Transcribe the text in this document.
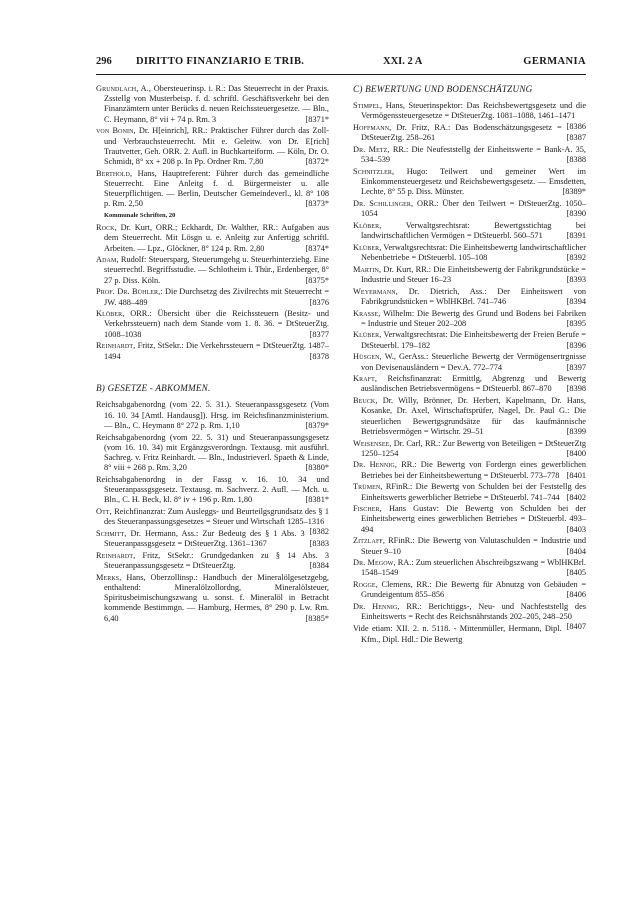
296 DIRITTO FINANZIARIO E TRIB.	XXI. 2 A	GERMANIA

Grundlach, A., Obersteuerinsp. i. R.: Das Steuerrecht in der Praxis. Zsstellg von Musterbeisp. f. d. schriftl. Geschäftsverkehr bei den Finanzämtern unter Berücks d. neuen Reichssteuergesetze. — Bln., C. Heymann, 8° vii + 74 p. Rm. 3	[8371*

von Bonin, Dr. H[einrich], RR.: Praktischer Führer durch das Zoll-und Verbrauchsteuerrecht. Mit e. Geleitw. von Dr. E[rich] Trautvetter, Geh. ORR. 2. Aufl. in Buchkarteiform. — Köln, Dr. O. Schmidt, 8° xx + 208 p. In Pp. Ordner Rm. 7,80	[8372*

Berthold, Hans, Hauptreferent: Führer durch das gemeindliche Steuerrecht. Eine Anleitg f. d. Bürgermeister u. alle Steuerpflichtigen. — Berlin, Deutscher Gemeindeverl., kl. 8° 108 p. Rm. 2,50	[8373*

Kommunale Schriften, 20

Rock, Dr. Kurt, ORR.; Eckhardt, Dr. Walther, RR.: Aufgaben aus dem Steuerrecht. Mit Lösgn u. e. Anleitg zur Anfertigg schriftl. Arbeiten. — Lpz., Glöckner, 8° 124 p. Rm. 2,80	[8374*

Adam, Rudolf: Steuersparg, Steuerumgehg u. Steuerhinterziehg. Eine steuerrechtl. Begriffsstudie. — Schlotheim i. Thür., Erdenberger, 8° 27 p. Diss. Köln.	[8375*

Prof. Dr. Bühler,: Die Durchsetzg des Zivilrechts mit Steuerrecht = JW. 488–489	[8376

Klöber, ORR.: Übersicht über die Reichssteuern (Besitz- und Verkehrssteuern) nach dem Stande vom 1. 8. 36. = DtSteuerZtg. 1008–1038	[8377

Reinhardt, Fritz, StSekr.: Die Verkehrssteuern = DtSteuerZtg. 1487–1494	[8378

B) GESETZE - ABKOMMEN.

Reichsabgabenordng (vom 22. 5. 31.). Steueranpassgsgesetz (Vom 16. 10. 34 [Amtl. Handausg]). Hrsg. im Reichsfinanzministerium. — Bln., C. Heymann 8° 272 p. Rm. 1,10	[8379*

Reichsabgabenordng (vom 22. 5. 31) und Steueranpassungsgesetz (vom 16. 10. 34) mit Ergänzgsverordngn. Textausg. mit ausführl. Sachreg. v. Fritz Reinhardt. — Bln., Industrieverl. Spaeth & Linde, 8° viii + 268 p. Rm. 3,20	[8380*

Reichsabgabenordng in der Fassg v. 16. 10. 34 und Steueranpassgsgesetz. Textausg. m. Sachverz. 2. Aufl. — Mch. u. Bln., C. H. Beck, kl. 8° iv + 196 p. Rm. 1,80	[8381*

Ott, Reichfinanzrat: Zum Ausleggs- und Beurteilgsgrundsatz des § 1 des Steueranpassungsgesetzes = Steuer und Wirtschaft 1285–1316
[8382

Schmitt, Dr. Hermann, Ass.: Zur Bedeutg des § 1 Abs. 3 Steueranpassgsgesetz = DtSteuerZtg. 1361–1367	[8383

Reinhardt, Fritz, StSekr.: Grundgedanken zu § 14 Abs. 3 Steueranpassungsgesetz = DtSteuerZtg.	[8384

Merks, Hans, Oberzollinsp.: Handbuch der Mineralölgesetzgebg, enthaltend: Mineralölzollordng, Mineralölsteuer, Spiritusbeimischungszwang u. sonst. f. Mineralöl in Betracht kommende Bestimmgn. — Hamburg, Hermes, 8° 290 p. Lw. Rm. 6,40	[8385*

C) BEWERTUNG UND BODENSCHÄTZUNG

Stimpel, Hans, Steuerinspektor: Das Reichsbewertgsgesetz und die Vermögenssteuergesetze = DtSteuerZtg. 1081–1088, 1461–1471
[8386

Hoffmann, Dr. Fritz, RA.: Das Bodenschätzungsgesetz = DtSteuerZtg. 258–261	[8387

Dr. Metz, RR.: Die Neufeststellg der Einheitswerte = Bank-A. 35, 534–539	[8388

Schnitzler, Hugo: Teilwert und gemeiner Wert im Einkommensteuergesetz und Reichsbewertgsgesetz. — Emsdetten, Lechte, 8° 55 p. Diss. Münster.	[8389*

Dr. Schillinger, ORR.: Über den Teilwert = DtSteuerZtg. 1050–1054	[8390

Klöber,	Verwaltgsrechtsrat: Bewertgsstichtag bei landwirtschaftlichen Vermögen = DtSteuerbl. 560–571	[8391

Klüber, Verwaltgsrechtsrat: Die Einheitsbewertg landwirtschaftlicher Nebenbetriebe = DtSteuerbl. 105–108	[8392

Martin, Dr. Kurt, RR.: Die Einheitsbewertg der Fabrikgrundstücke = Industrie und Steuer 16–23	[8393

Weyermann, Dr. Dietrich, Ass.: Der Einheitswert von Fabrikgrundstücken = WblHKBrl. 741–746	[8394

Krasse, Wilhelm: Die Bewertg des Grund und Bodens bei Fabriken = Industrie und Steuer 202–208	[8395

Klüber, Verwaltgsrechtsrat: Die Einheitsbewertg der Freien Berufe = DtSteuerbl. 179–182	[8396

Hüsgen, W., GerAss.: Steuerliche Bewertg der Vermögensertrgnisse von Devisenausländern = Dev.A. 772–774	[8397

Kraft, Reichsfinanzrat: Ermittlg, Abgrenzg und Bewertg ausländischen Betriebsvermögens = DtSteuerbl. 867–870	[8398

Beuck, Dr. Willy, Brönner, Dr. Herbert, Kapelmann, Dr. Hans, Kosanke, Dr. Axel, Wirtschaftsprüfer, Nagel, Dr. Paul G.: Die steuerlichen Bewertgsgrundsätze für das kaufmännische Betriebsvermögen = Wirtschr. 29–51	[8399

Weisensee, Dr. Carl, RR.: Zur Bewertg von Beteiligen = DtSteuerZtg 1250–1254	[8400

Dr. Hennig, RR.: Die Bewertg von Fordergn eines gewerblichen Betriebes bei der Einheitsbewertung = DtSteuerbl. 773–778 [8401

Trümen, RFinR.: Die Bewertg von Schulden bei der Feststellg des Einheitswerts gewerblicher Betriebe = DtSteuerbl. 741–744 [8402

Fischer, Hans Gustav: Die Bewertg von Schulden bei der Einheitsbewertg eines gewerblichen Betriebes = DtSteuerbl. 493–494	[8403

Zitzlaff, RFinR.: Die Bewertg von Valutaschulden = Industrie und Steuer 9–10	[8404

Dr. Megow, RA.: Zum steuerlichen Abschreibgszwang = WblHKBrl. 1548–1549	[8405

Rogge, Clemens, RR.: Die Bewertg für Abnutzg von Gebäuden = Grundeigentum 855–856	[8406

Dr. Hennig, RR.: Berichtiggs-, Neu- und Nachfeststellg des Einheitswerts = Recht des Reichsnährstands 202–205, 248–250
[8407

Vide etiam: XII. 2. n. 5118. - Mittenmüller, Hermann, Dipl. Kfm., Dipl. Hdl.: Die Bewertg
